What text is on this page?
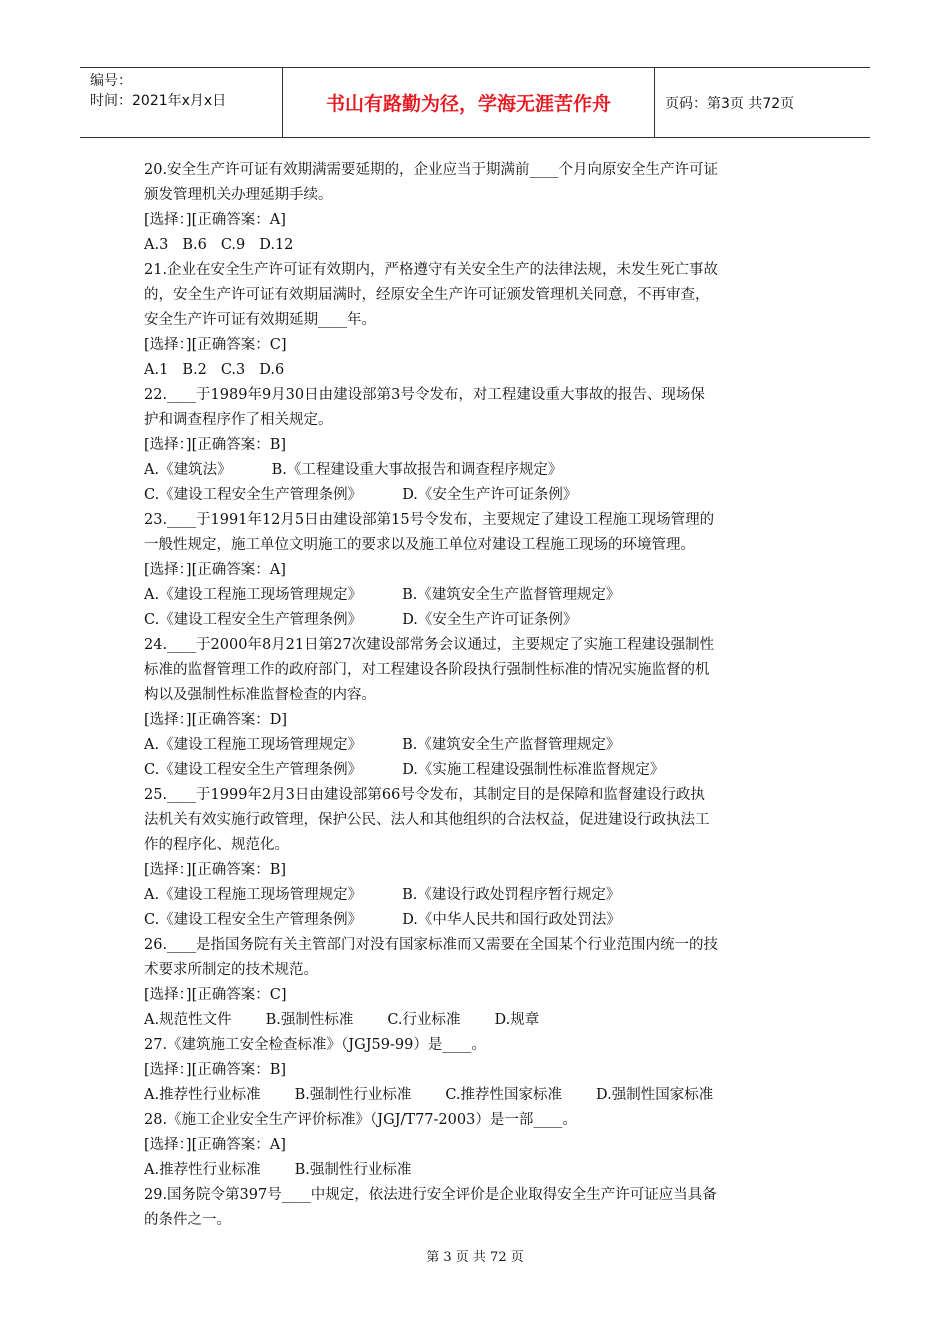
编号：
时间：2021年x月x日	书山有路勤为径，学海无涯苦作舟	页码：第3页 共72页
20.安全生产许可证有效期满需要延期的，企业应当于期满前____个月向原安全生产许可证
颁发管理机关办理延期手续。
[选择：][正确答案：A]
A.3 B.6 C.9 D.12
21.企业在安全生产许可证有效期内，严格遵守有关安全生产的法律法规，未发生死亡事故
的，安全生产许可证有效期届满时，经原安全生产许可证颁发管理机关同意，不再审查，
安全生产许可证有效期延期____年。
[选择：][正确答案：C]
A.1 B.2 C.3 D.6
22.____于1989年9月30日由建设部第3号令发布，对工程建设重大事故的报告、现场保
护和调查程序作了相关规定。
[选择：][正确答案：B]
A.《建筑法》	B.《工程建设重大事故报告和调查程序规定》
C.《建设工程安全生产管理条例》	D.《安全生产许可证条例》
23.____于1991年12月5日由建设部第15号令发布，主要规定了建设工程施工现场管理的
一般性规定，施工单位文明施工的要求以及施工单位对建设工程施工现场的环境管理。
[选择：][正确答案：A]
A.《建设工程施工现场管理规定》	B.《建筑安全生产监督管理规定》
C.《建设工程安全生产管理条例》	D.《安全生产许可证条例》
24.____于2000年8月21日第27次建设部常务会议通过，主要规定了实施工程建设强制性
标准的监督管理工作的政府部门，对工程建设各阶段执行强制性标准的情况实施监督的机
构以及强制性标准监督检查的内容。
[选择：][正确答案：D]
A.《建设工程施工现场管理规定》	B.《建筑安全生产监督管理规定》
C.《建设工程安全生产管理条例》	D.《实施工程建设强制性标准监督规定》
25.____于1999年2月3日由建设部第66号令发布，其制定目的是保障和监督建设行政执
法机关有效实施行政管理，保护公民、法人和其他组织的合法权益，促进建设行政执法工
作的程序化、规范化。
[选择：][正确答案：B]
A.《建设工程施工现场管理规定》	B.《建设行政处罚程序暂行规定》
C.《建设工程安全生产管理条例》	D.《中华人民共和国行政处罚法》
26.____是指国务院有关主管部门对没有国家标准而又需要在全国某个行业范围内统一的技
术要求所制定的技术规范。
[选择：][正确答案：C]
A.规范性文件 B.强制性标准 C.行业标准 D.规章
27.《建筑施工安全检查标准》（JGJ59-99）是____。
[选择：][正确答案：B]
A.推荐性行业标准 B.强制性行业标准 C.推荐性国家标准 D.强制性国家标准
28.《施工企业安全生产评价标准》（JGJ/T77-2003）是一部____。
[选择：][正确答案：A]
A.推荐性行业标准 B.强制性行业标准
29.国务院令第397号____中规定，依法进行安全评价是企业取得安全生产许可证应当具备
的条件之一。
第 3 页 共 72 页
